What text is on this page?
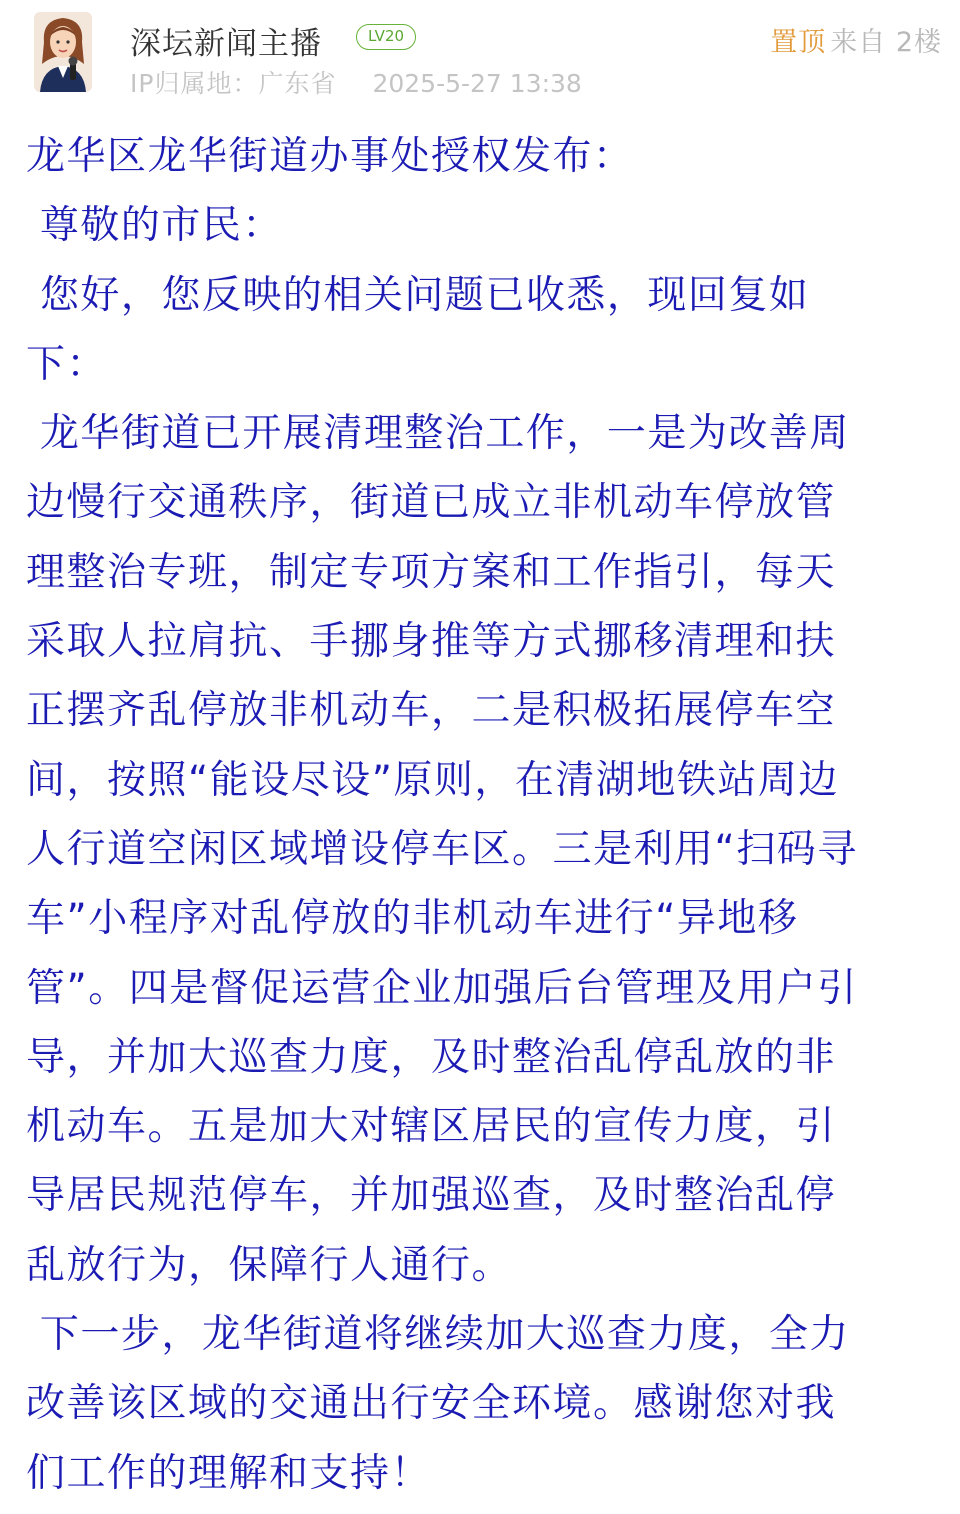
深坛新闻主播	LV20
IP归属地：广东省 2025-5-27 13:38
置顶 来自 2楼

龙华区龙华街道办事处授权发布：

尊敬的市民：

您好，您反映的相关问题已收悉，现回复如

下：

龙华街道已开展清理整治工作，一是为改善周

边慢行交通秩序，街道已成立非机动车停放管

理整治专班，制定专项方案和工作指引，每天

采取人拉肩抗、手挪身推等方式挪移清理和扶

正摆齐乱停放非机动车，二是积极拓展停车空

间，按照“能设尽设”原则，在清湖地铁站周边

人行道空闲区域增设停车区。三是利用“扫码寻

车”小程序对乱停放的非机动车进行“异地移

管”。四是督促运营企业加强后台管理及用户引

导，并加大巡查力度，及时整治乱停乱放的非

机动车。五是加大对辖区居民的宣传力度，引

导居民规范停车，并加强巡查，及时整治乱停

乱放行为，保障行人通行。

下一步，龙华街道将继续加大巡查力度，全力

改善该区域的交通出行安全环境。感谢您对我

们工作的理解和支持！
